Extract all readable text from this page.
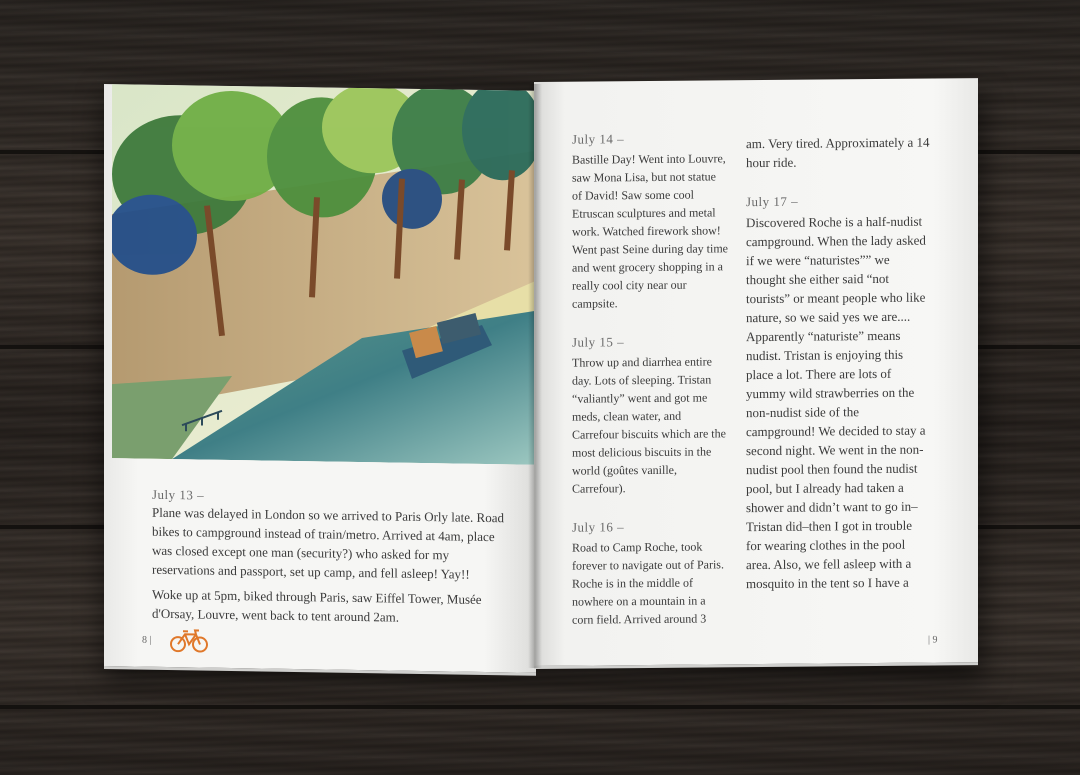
July 13 –

Plane was delayed in London so we arrived to Paris Orly late. Road bikes to campground instead of train/metro. Arrived at 4am, place was closed except one man (security?) who asked for my reservations and passport, set up camp, and fell asleep! Yay!!

Woke up at 5pm, biked through Paris, saw Eiffel Tower, Musée d'Orsay, Louvre, went back to tent around 2am.

8 |
July 14 –
Bastille Day! Went into Louvre, saw Mona Lisa, but not statue of David! Saw some cool Etruscan sculptures and metal work. Watched firework show! Went past Seine during day time and went grocery shopping in a really cool city near our campsite.
July 15 –
Throw up and diarrhea entire day. Lots of sleeping. Tristan “valiantly” went and got me meds, clean water, and Carrefour biscuits which are the most delicious biscuits in the world (goûtes vanille, Carrefour).
July 16 –
Road to Camp Roche, took forever to navigate out of Paris. Roche is in the middle of nowhere on a mountain in a corn field. Arrived around 3
am. Very tired. Approximately a 14 hour ride.
July 17 –
Discovered Roche is a half-nudist campground. When the lady asked if we were “naturistes”” we thought she either said “not tourists” or meant people who like nature, so we said yes we are.... Apparently “naturiste” means nudist. Tristan is enjoying this place a lot. There are lots of yummy wild strawberries on the non-nudist side of the campground! We decided to stay a second night. We went in the non-nudist pool then found the nudist pool, but I already had taken a shower and didn’t want to go in– Tristan did–then I got in trouble for wearing clothes in the pool area. Also, we fell asleep with a mosquito in the tent so I have a
| 9
